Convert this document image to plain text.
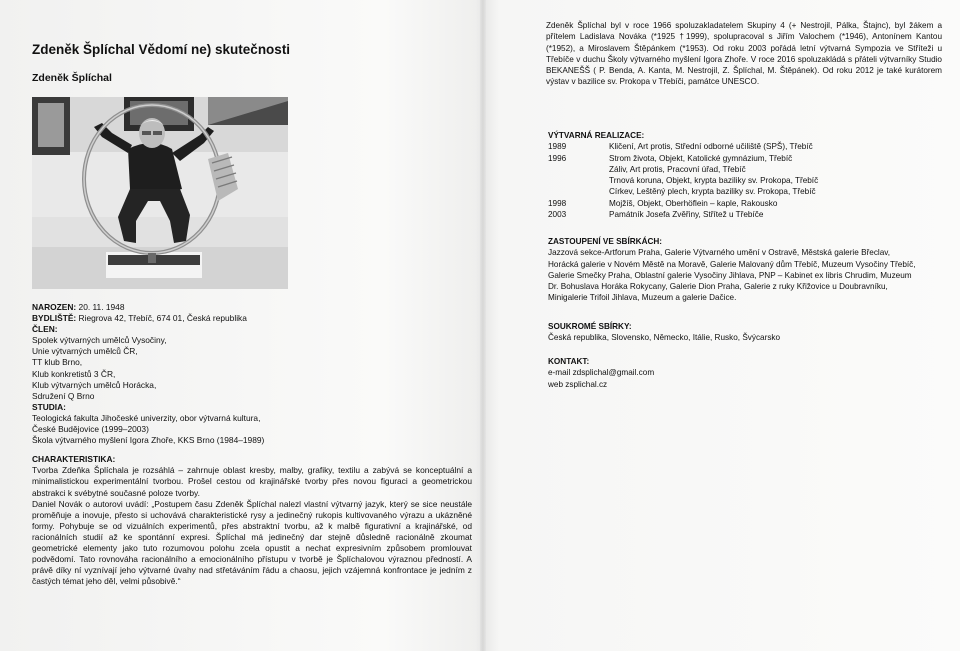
Zdeněk Šplíchal Vědomí ne) skutečnosti
Zdeněk Šplíchal
NAROZEN: 20. 11. 1948
BYDLIŠTĚ: Riegrova 42, Třebíč, 674 01, Česká republika
ČLEN:
Spolek výtvarných umělců Vysočiny,
Unie výtvarných umělců ČR,
TT klub Brno,
Klub konkretistů 3 ČR,
Klub výtvarných umělců Horácka,
Sdružení Q Brno
STUDIA:
Teologická fakulta Jihočeské univerzity, obor výtvarná kultura,
České Budějovice (1999–2003)
Škola výtvarného myšlení Igora Zhoře, KKS Brno (1984–1989)
CHARAKTERISTIKA:
Tvorba Zdeňka Šplíchala je rozsáhlá – zahrnuje oblast kresby, malby, grafiky, textilu a zabývá se konceptuální a minimalistickou experimentální tvorbou. Prošel cestou od krajinářské tvorby přes novou figuraci a geometrickou abstrakci k svébytné současné poloze tvorby.
Daniel Novák o autorovi uvádí: „Postupem času Zdeněk Šplíchal nalezl vlastní výtvarný jazyk, který se sice neustále proměňuje a inovuje, přesto si uchovává charakteristické rysy a jedinečný rukopis kultivovaného výrazu a ukázněné formy. Pohybuje se od vizuálních experimentů, přes abstraktní tvorbu, až k malbě figurativní a krajinářské, od racionálních studií až ke spontánní expresi. Šplíchal má jedinečný dar stejně důsledně racionálně zkoumat geometrické elementy jako tuto rozumovou polohu zcela opustit a nechat expresivním způsobem promlouvat podvědomí. Tato rovnováha racionálního a emocionálního přístupu v tvorbě je Šplíchalovou výraznou předností. A právě díky ní vyznívají jeho výtvarné úvahy nad střetáváním řádu a chaosu, jejich vzájemná konfrontace je jedním z častých témat jeho děl, velmi působivě.“
Zdeněk Šplíchal byl v roce 1966 spoluzakladatelem Skupiny 4 (+ Nestrojil, Pálka, Štajnc), byl žákem a přítelem Ladislava Nováka (*1925 †1999), spolupracoval s Jiřím Valochem (*1946), Antonínem Kantou (*1952), a Miroslavem Štěpánkem (*1953). Od roku 2003 pořádá letní výtvarná Sympozia ve Stříteži u Třebíče v duchu Školy výtvarného myšlení Igora Zhoře. V roce 2016 spoluzakládá s přáteli výtvarníky Studio BEKANEŠŠ ( P. Benda, A. Kanta, M. Nestrojil, Z. Šplíchal, M. Štěpánek). Od roku 2012 je také kurátorem výstav v bazilice sv. Prokopa v Třebíči, památce UNESCO.
VÝTVARNÁ REALIZACE:
1989	Kličení, Art protis, Střední odborné učiliště (SPŠ), Třebíč
1996	Strom života, Objekt, Katolické gymnázium, Třebíč
Záliv, Art protis, Pracovní úřad, Třebíč
Trnová koruna, Objekt, krypta baziliky sv. Prokopa, Třebíč
Církev, Leštěný plech, krypta baziliky sv. Prokopa, Třebíč
1998	Mojžíš, Objekt, Oberhöflein – kaple, Rakousko
2003	Památník Josefa Zvěřiny, Střítež u Třebíče
ZASTOUPENÍ VE SBÍRKÁCH:
Jazzová sekce-Artforum Praha, Galerie Výtvarného umění v Ostravě, Městská galerie Břeclav,
Horácká galerie v Novém Městě na Moravě, Galerie Malovaný dům Třebíč, Muzeum Vysočiny Třebíč,
Galerie Smečky Praha, Oblastní galerie Vysočiny Jihlava, PNP – Kabinet ex libris Chrudim, Muzeum
Dr. Bohuslava Horáka Rokycany, Galerie Dion Praha, Galerie z ruky Křižovice u Doubravníku,
Minigalerie Trifoil Jihlava, Muzeum a galerie Dačice.
SOUKROMÉ SBÍRKY:
Česká republika, Slovensko, Německo, Itálie, Rusko, Švýcarsko
KONTAKT:
e-mail zdsplichal@gmail.com
web zsplichal.cz
